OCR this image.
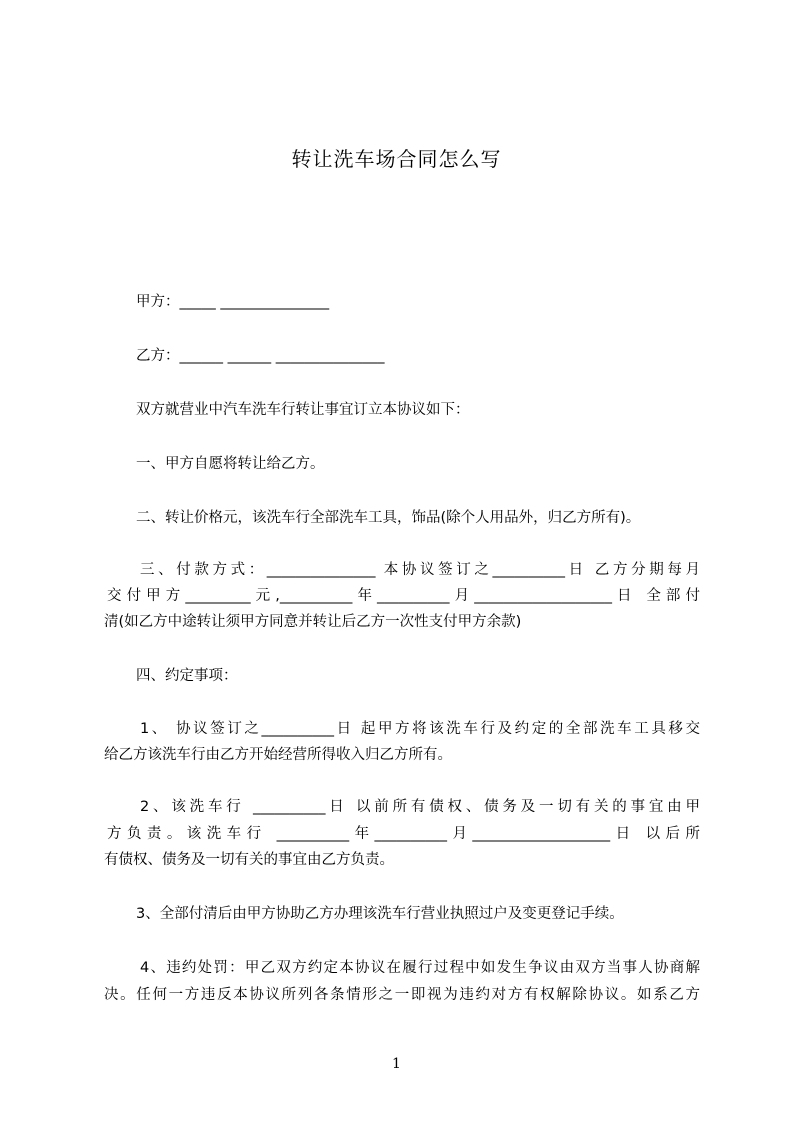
转让洗车场合同怎么写
甲方：_____ _______________
乙方：______ ______ _______________
双方就营业中汽车洗车行转让事宜订立本协议如下：
一、甲方自愿将转让给乙方。
二、转让价格元，该洗车行全部洗车工具，饰品(除个人用品外，归乙方所有)。
三、付款方式：_______________ 本协议签订之__________日 乙方分期每月
交付甲方_________元,__________年__________月___________________日 全部付
清(如乙方中途转让须甲方同意并转让后乙方一次性支付甲方余款)
四、约定事项：
1、 协议签订之__________日 起甲方将该洗车行及约定的全部洗车工具移交
给乙方该洗车行由乙方开始经营所得收入归乙方所有。
2、该洗车行 __________日 以前所有债权、债务及一切有关的事宜由甲
方负责。该洗车行 __________年__________月___________________日 以后所
有债权、债务及一切有关的事宜由乙方负责。
3、全部付清后由甲方协助乙方办理该洗车行营业执照过户及变更登记手续。
4、违约处罚：甲乙双方约定本协议在履行过程中如发生争议由双方当事人协商解
决。任何一方违反本协议所列各条情形之一即视为违约对方有权解除协议。如系乙方
1
